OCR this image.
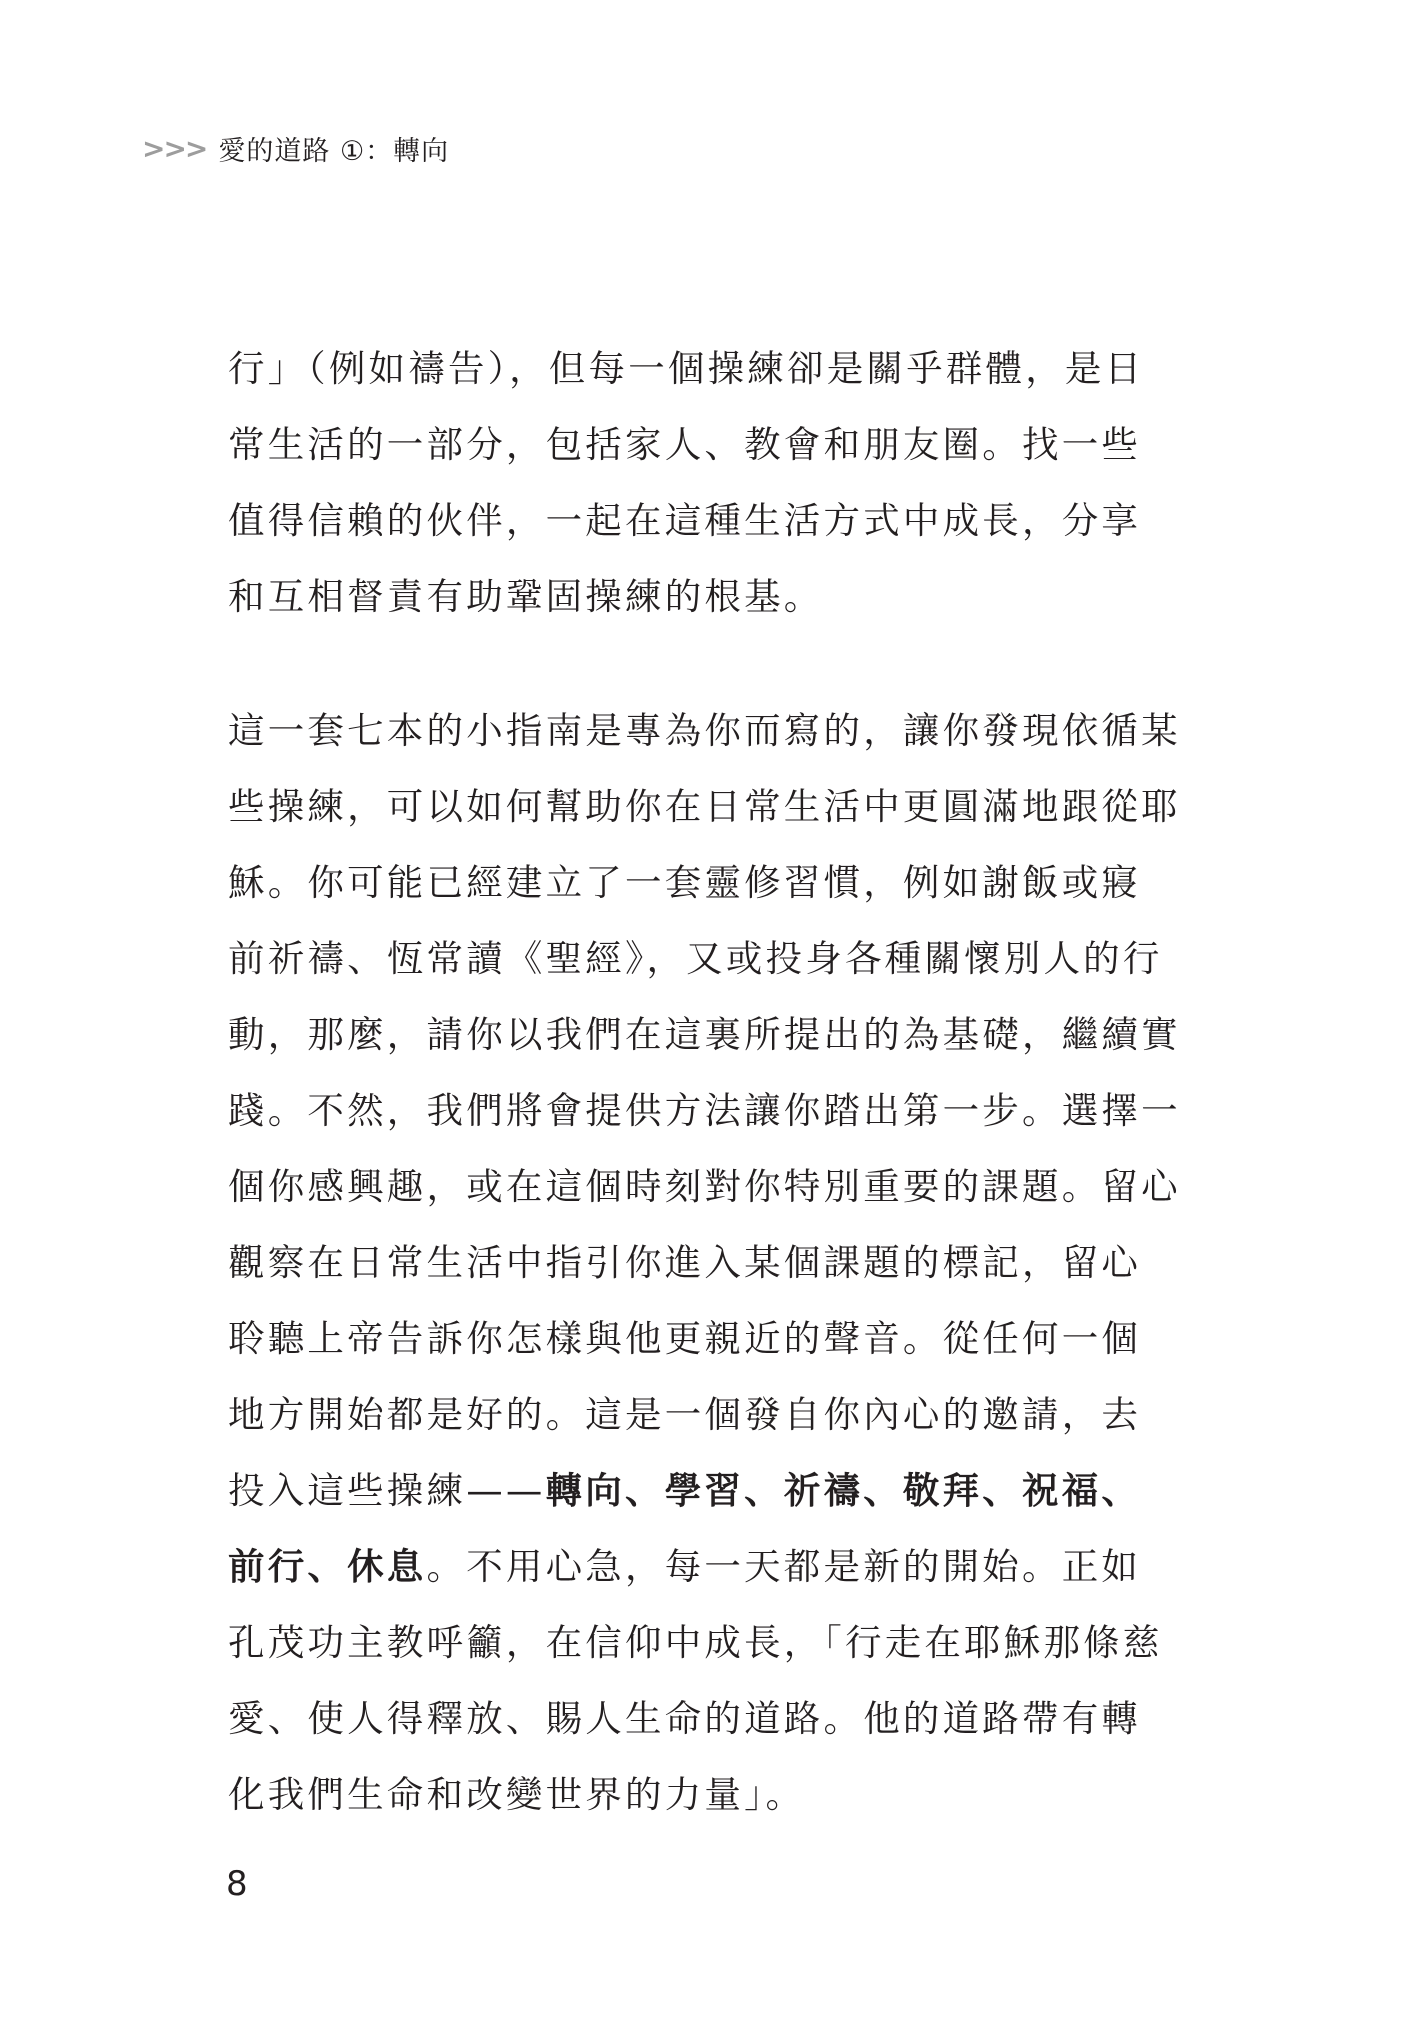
>>> 愛的道路 ①：轉向
行」（例如禱告），但每一個操練卻是關乎群體，是日
常生活的一部分，包括家人、教會和朋友圈。找一些
值得信賴的伙伴，一起在這種生活方式中成長，分享
和互相督責有助鞏固操練的根基。
這一套七本的小指南是專為你而寫的，讓你發現依循某
些操練，可以如何幫助你在日常生活中更圓滿地跟從耶
穌。你可能已經建立了一套靈修習慣，例如謝飯或寢
前祈禱、恆常讀《聖經》，又或投身各種關懷別人的行
動，那麼，請你以我們在這裏所提出的為基礎，繼續實
踐。不然，我們將會提供方法讓你踏出第一步。選擇一
個你感興趣，或在這個時刻對你特別重要的課題。留心
觀察在日常生活中指引你進入某個課題的標記，留心
聆聽上帝告訴你怎樣與他更親近的聲音。從任何一個
地方開始都是好的。這是一個發自你內心的邀請，去
投入這些操練——轉向、學習、祈禱、敬拜、祝福、
前行、休息。不用心急，每一天都是新的開始。正如
孔茂功主教呼籲，在信仰中成長，「行走在耶穌那條慈
愛、使人得釋放、賜人生命的道路。他的道路帶有轉
化我們生命和改變世界的力量」。
8
